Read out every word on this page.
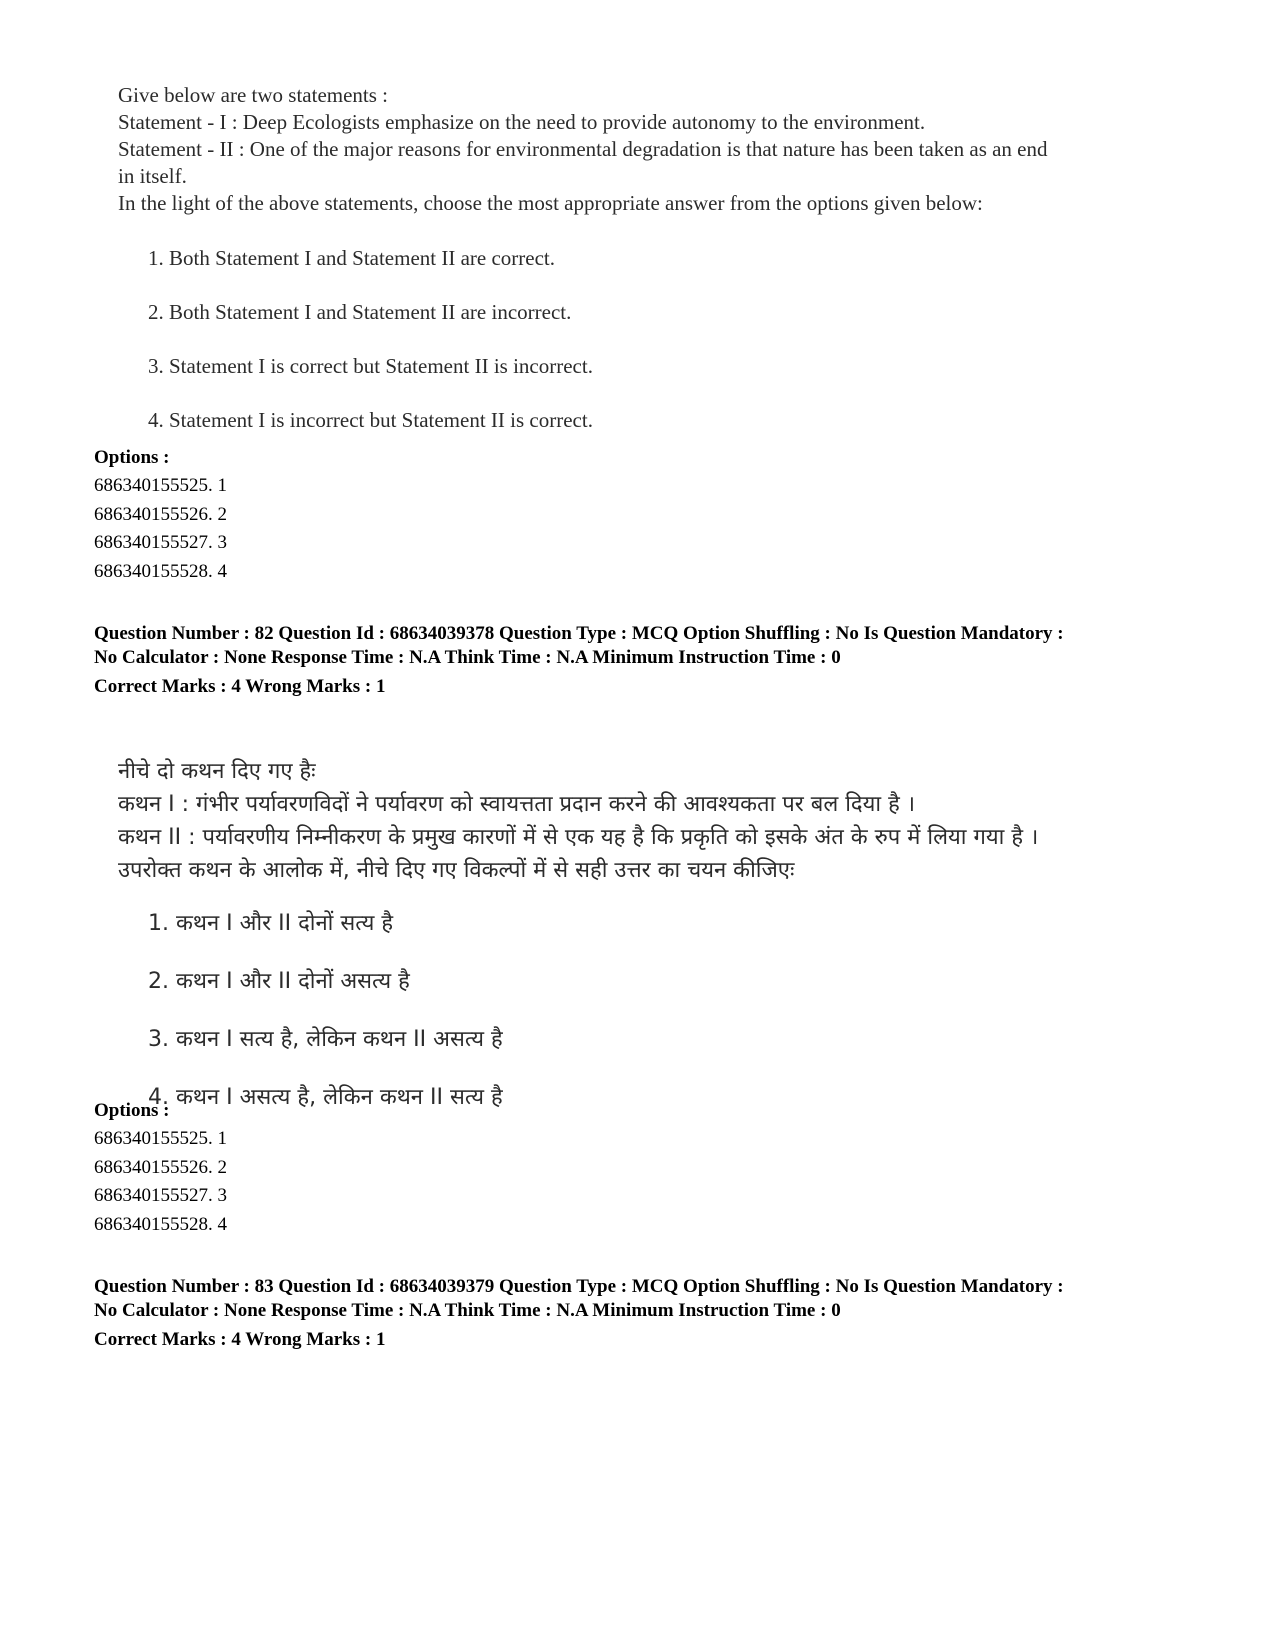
Give below are two statements :
Statement - I : Deep Ecologists emphasize on the need to provide autonomy to the environment.
Statement - II : One of the major reasons for environmental degradation is that nature has been taken as an end
in itself.
In the light of the above statements, choose the most appropriate answer from the options given below:
1. Both Statement I and Statement II are correct.
2. Both Statement I and Statement II are incorrect.
3. Statement I is correct but Statement II is incorrect.
4. Statement I is incorrect but Statement II is correct.
Options :
686340155525. 1
686340155526. 2
686340155527. 3
686340155528. 4
Question Number : 82 Question Id : 68634039378 Question Type : MCQ Option Shuffling : No Is Question Mandatory :
No Calculator : None Response Time : N.A Think Time : N.A Minimum Instruction Time : 0
Correct Marks : 4 Wrong Marks : 1
नीचे दो कथन दिए गए हैः
कथन I : गंभीर पर्यावरणविदों ने पर्यावरण को स्वायत्तता प्रदान करने की आवश्यकता पर बल दिया है ।
कथन II : पर्यावरणीय निम्नीकरण के प्रमुख कारणों में से एक यह है कि प्रकृति को इसके अंत के रुप में लिया गया है ।
उपरोक्त कथन के आलोक में, नीचे दिए गए विकल्पों में से सही उत्तर का चयन कीजिएः
1. कथन I और II दोनों सत्य है
2. कथन I और II दोनों असत्य है
3. कथन I सत्य है, लेकिन कथन II असत्य है
4. कथन I असत्य है, लेकिन कथन II सत्य है
Options :
686340155525. 1
686340155526. 2
686340155527. 3
686340155528. 4
Question Number : 83 Question Id : 68634039379 Question Type : MCQ Option Shuffling : No Is Question Mandatory :
No Calculator : None Response Time : N.A Think Time : N.A Minimum Instruction Time : 0
Correct Marks : 4 Wrong Marks : 1
